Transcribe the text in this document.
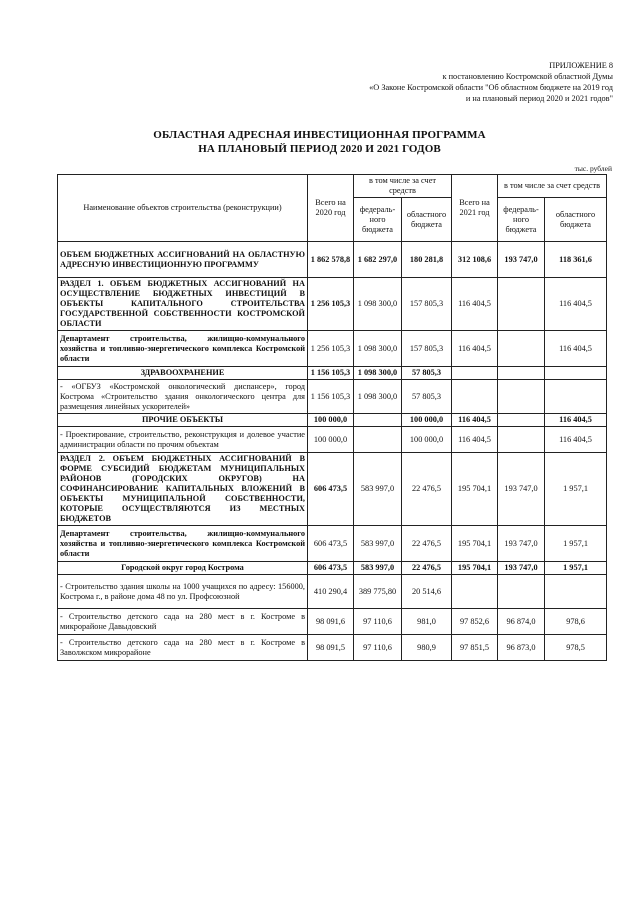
ПРИЛОЖЕНИЕ 8
к постановлению Костромской областной Думы
«О Законе Костромской области "Об областном бюджете на 2019 год
и на плановый период 2020 и 2021 годов"
ОБЛАСТНАЯ АДРЕСНАЯ ИНВЕСТИЦИОННАЯ ПРОГРАММА
НА ПЛАНОВЫЙ ПЕРИОД 2020 И 2021 ГОДОВ
тыс. рублей
Наименование объектов строительства (реконструкции)	Всего на 2020 год	в том числе за счет средств		Всего на 2021 год	в том числе за счет средств	
		федераль-ного бюджета	областного бюджета		федераль-ного бюджета	областного бюджета
ОБЪЕМ БЮДЖЕТНЫХ АССИГНОВАНИЙ НА ОБЛАСТНУЮ АДРЕСНУЮ ИНВЕСТИЦИОННУЮ ПРОГРАММУ	1 862 578,8	1 682 297,0	180 281,8	312 108,6	193 747,0	118 361,6
РАЗДЕЛ 1. ОБЪЕМ БЮДЖЕТНЫХ АССИГНОВАНИЙ НА ОСУЩЕСТВЛЕНИЕ БЮДЖЕТНЫХ ИНВЕСТИЦИЙ В ОБЪЕКТЫ КАПИТАЛЬНОГО СТРОИТЕЛЬСТВА ГОСУДАРСТВЕННОЙ СОБСТВЕННОСТИ КОСТРОМСКОЙ ОБЛАСТИ	1 256 105,3	1 098 300,0	157 805,3	116 404,5		116 404,5
Департамент строительства, жилищно-коммунального хозяйства и топливно-энергетического комплекса Костромской области	1 256 105,3	1 098 300,0	157 805,3	116 404,5		116 404,5
ЗДРАВООХРАНЕНИЕ	1 156 105,3	1 098 300,0	57 805,3			
- «ОГБУЗ «Костромской онкологический диспансер», город Кострома «Строительство здания онкологического центра для размещения линейных ускорителей»	1 156 105,3	1 098 300,0	57 805,3			
ПРОЧИЕ ОБЪЕКТЫ	100 000,0		100 000,0	116 404,5		116 404,5
- Проектирование, строительство, реконструкция и долевое участие администрации области по прочим объектам	100 000,0		100 000,0	116 404,5		116 404,5
РАЗДЕЛ 2. ОБЪЕМ БЮДЖЕТНЫХ АССИГНОВАНИЙ В ФОРМЕ СУБСИДИЙ БЮДЖЕТАМ МУНИЦИПАЛЬНЫХ РАЙОНОВ (ГОРОДСКИХ ОКРУГОВ) НА СОФИНАНСИРОВАНИЕ КАПИТАЛЬНЫХ ВЛОЖЕНИЙ В ОБЪЕКТЫ МУНИЦИПАЛЬНОЙ СОБСТВЕННОСТИ, КОТОРЫЕ ОСУЩЕСТВЛЯЮТСЯ ИЗ МЕСТНЫХ БЮДЖЕТОВ	606 473,5	583 997,0	22 476,5	195 704,1	193 747,0	1 957,1
Департамент строительства, жилищно-коммунального хозяйства и топливно-энергетического комплекса Костромской области	606 473,5	583 997,0	22 476,5	195 704,1	193 747,0	1 957,1
Городской округ город Кострома	606 473,5	583 997,0	22 476,5	195 704,1	193 747,0	1 957,1
- Строительство здания школы на 1000 учащихся по адресу: 156000, Кострома г., в районе дома 48 по ул. Профсоюзной	410 290,4	389 775,80	20 514,6			
- Строительство детского сада на 280 мест в г. Костроме в микрорайоне Давыдовский	98 091,6	97 110,6	981,0	97 852,6	96 874,0	978,6
- Строительство детского сада на 280 мест в г. Костроме в Заволжском микрорайоне	98 091,5	97 110,6	980,9	97 851,5	96 873,0	978,5
